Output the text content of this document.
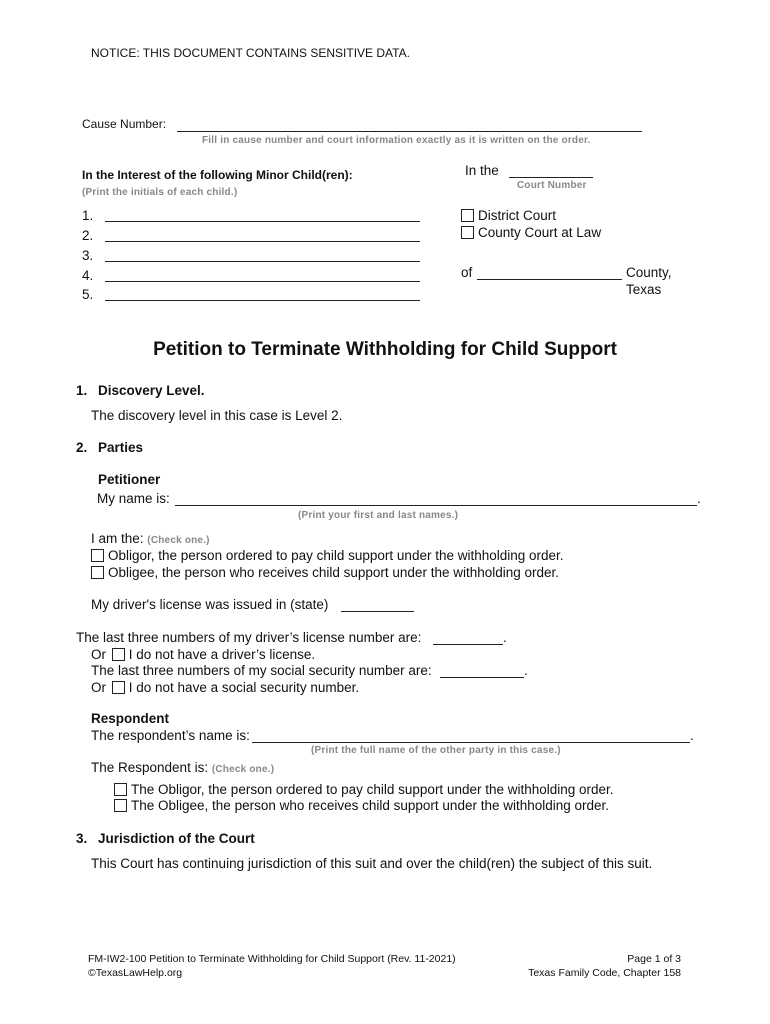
NOTICE: THIS DOCUMENT CONTAINS SENSITIVE DATA.
Cause Number:
Fill in cause number and court information exactly as it is written on the order.
In the Interest of the following Minor Child(ren):
(Print the initials of each child.)
1.
2.
3.
4.
5.
In the
Court Number
District Court
County Court at Law
of	County,
Texas
Petition to Terminate Withholding for Child Support
1. Discovery Level.
The discovery level in this case is Level 2.
2. Parties
Petitioner
My name is:	.
(Print your first and last names.)
I am the: (Check one.)
Obligor, the person ordered to pay child support under the withholding order.
Obligee, the person who receives child support under the withholding order.
My driver's license was issued in (state)
The last three numbers of my driver’s license number are:	.
Or I do not have a driver’s license.
The last three numbers of my social security number are:	.
Or I do not have a social security number.
Respondent
The respondent’s name is:	.
(Print the full name of the other party in this case.)
The Respondent is: (Check one.)
The Obligor, the person ordered to pay child support under the withholding order.
The Obligee, the person who receives child support under the withholding order.
3. Jurisdiction of the Court
This Court has continuing jurisdiction of this suit and over the child(ren) the subject of this suit.
FM-IW2-100 Petition to Terminate Withholding for Child Support (Rev. 11-2021)
©TexasLawHelp.org
Page 1 of 3
Texas Family Code, Chapter 158
